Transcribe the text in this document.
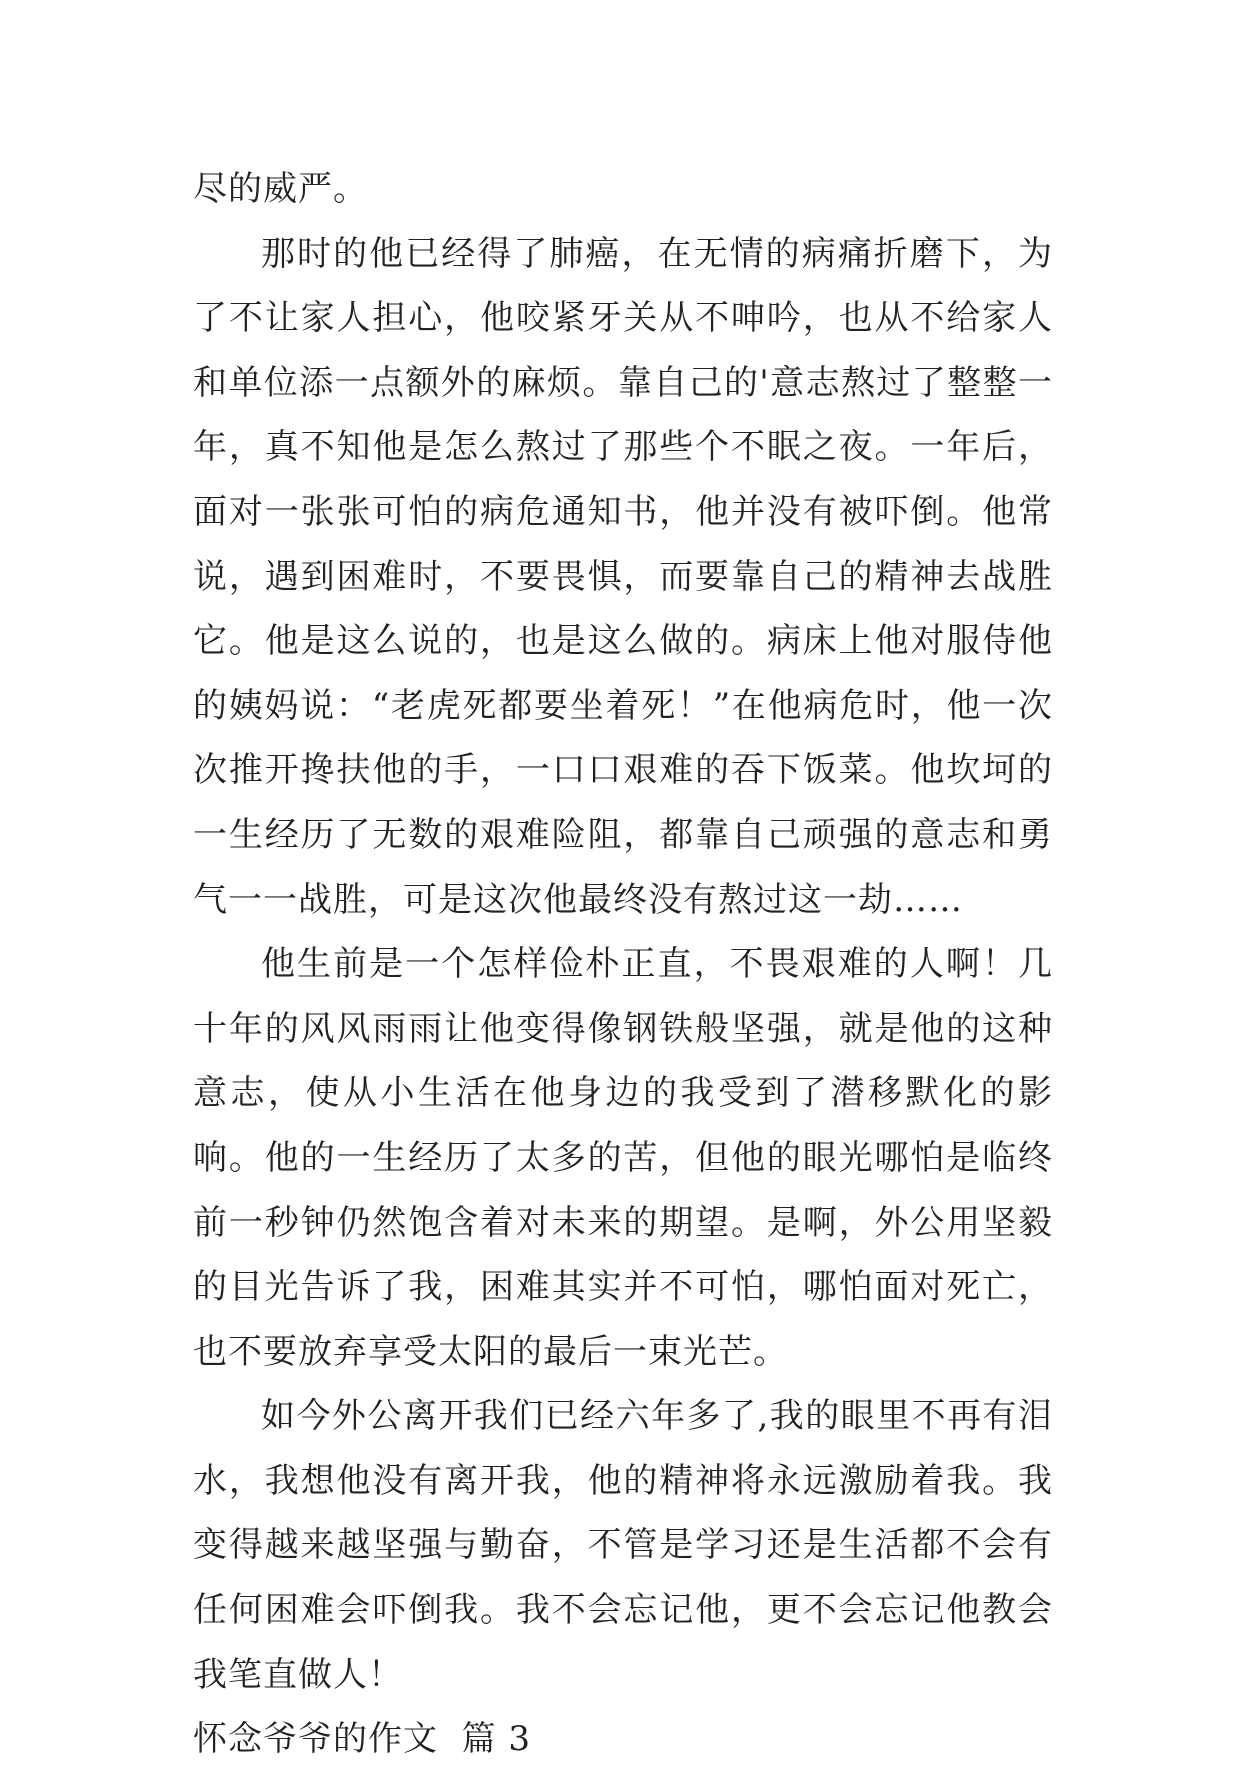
尽的威严。

那时的他已经得了肺癌，在无情的病痛折磨下，为了不让家人担心，他咬紧牙关从不呻吟，也从不给家人和单位添一点额外的麻烦。靠自己的'意志熬过了整整一年，真不知他是怎么熬过了那些个不眠之夜。一年后，面对一张张可怕的病危通知书，他并没有被吓倒。他常说，遇到困难时，不要畏惧，而要靠自己的精神去战胜它。他是这么说的，也是这么做的。病床上他对服侍他的姨妈说：“老虎死都要坐着死！”在他病危时，他一次次推开搀扶他的手，一口口艰难的吞下饭菜。他坎坷的一生经历了无数的艰难险阻，都靠自己顽强的意志和勇气一一战胜，可是这次他最终没有熬过这一劫……

他生前是一个怎样俭朴正直，不畏艰难的人啊！几十年的风风雨雨让他变得像钢铁般坚强，就是他的这种意志，使从小生活在他身边的我受到了潜移默化的影响。他的一生经历了太多的苦，但他的眼光哪怕是临终前一秒钟仍然饱含着对未来的期望。是啊，外公用坚毅的目光告诉了我，困难其实并不可怕，哪怕面对死亡，也不要放弃享受太阳的最后一束光芒。

如今外公离开我们已经六年多了,我的眼里不再有泪水，我想他没有离开我，他的精神将永远激励着我。我变得越来越坚强与勤奋，不管是学习还是生活都不会有任何困难会吓倒我。我不会忘记他，更不会忘记他教会我笔直做人！

怀念爷爷的作文  篇 3
